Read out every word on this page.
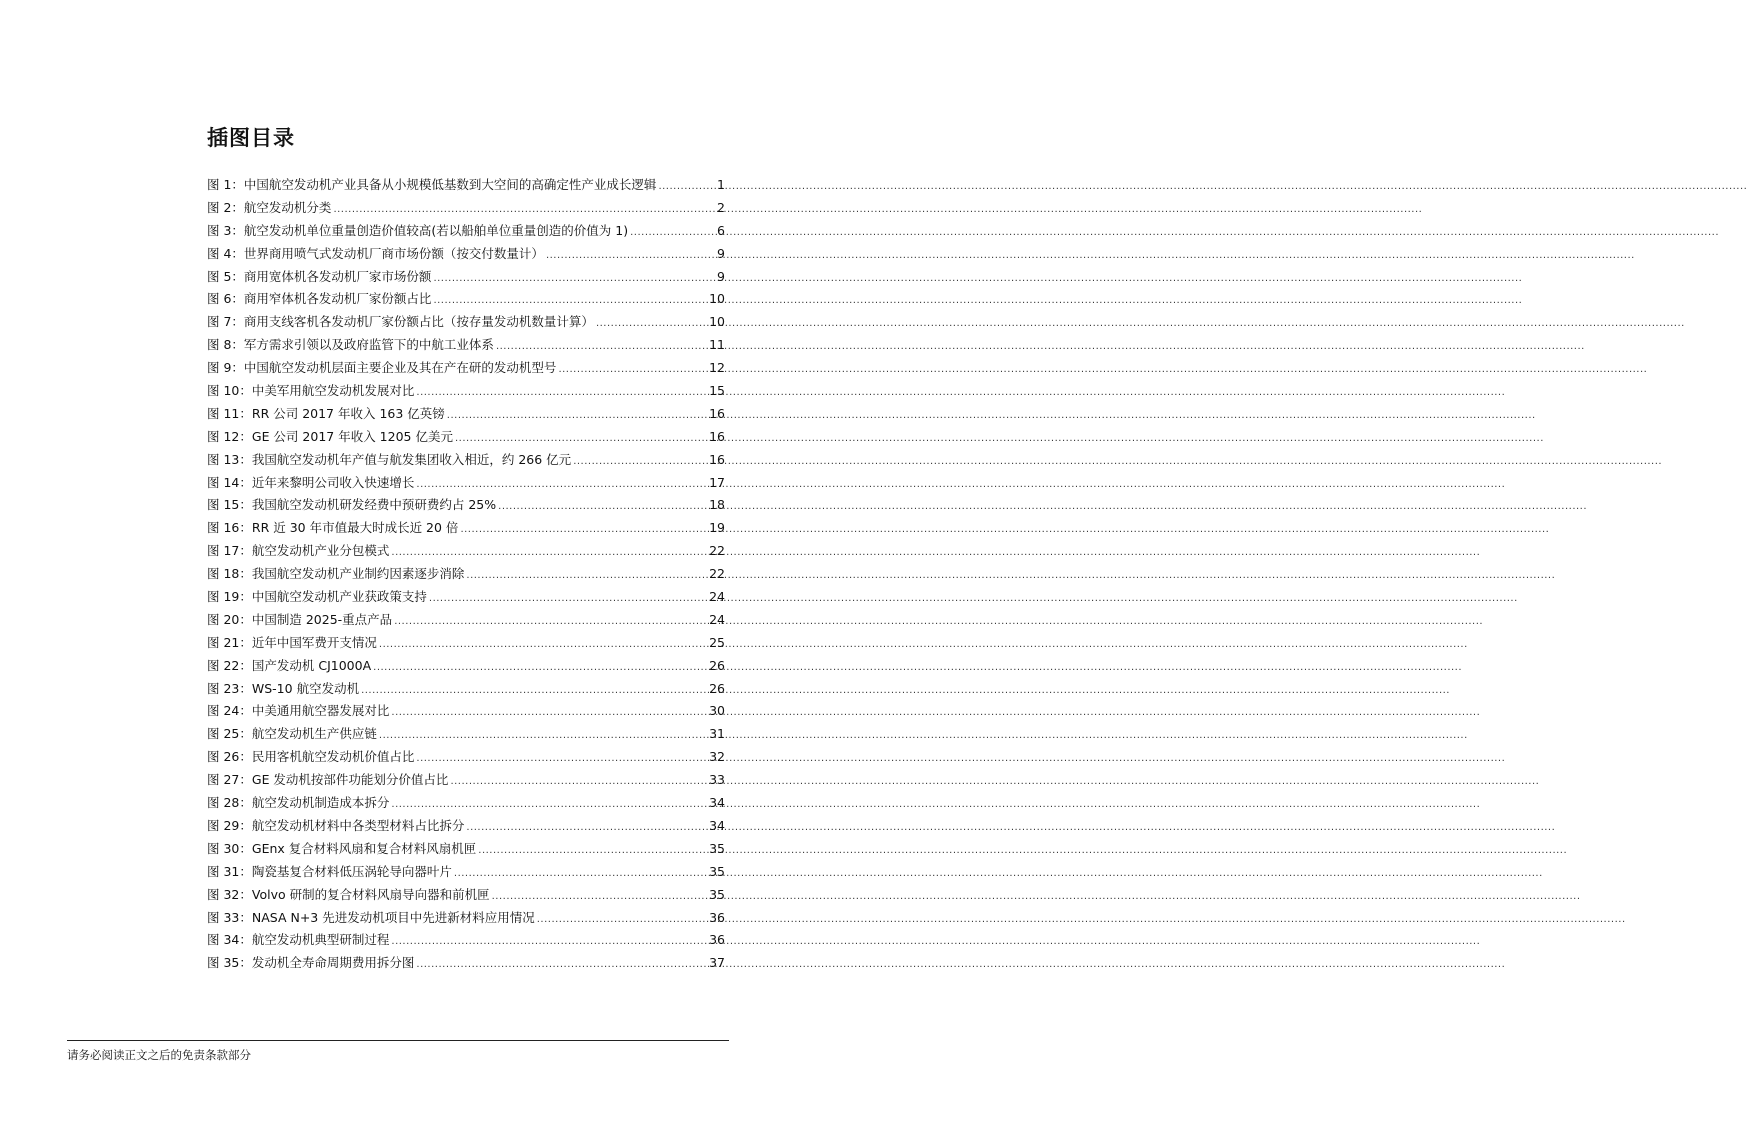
插图目录
图 1：中国航空发动机产业具备从小规模低基数到大空间的高确定性产业成长逻辑 .....	1
图 2：航空发动机分类 .....	2
图 3：航空发动机单位重量创造价值较高(若以船舶单位重量创造的价值为 1) .....	6
图 4：世界商用喷气式发动机厂商市场份额（按交付数量计） .....	9
图 5：商用宽体机各发动机厂家市场份额 .....	9
图 6：商用窄体机各发动机厂家份额占比 .....	10
图 7：商用支线客机各发动机厂家份额占比（按存量发动机数量计算） .....	10
图 8：军方需求引领以及政府监管下的中航工业体系 .....	11
图 9：中国航空发动机层面主要企业及其在产在研的发动机型号 .....	12
图 10：中美军用航空发动机发展对比 .....	15
图 11：RR 公司 2017 年收入 163 亿英镑 .....	16
图 12：GE 公司 2017 年收入 1205 亿美元 .....	16
图 13：我国航空发动机年产值与航发集团收入相近，约 266 亿元 .....	16
图 14：近年来黎明公司收入快速增长 .....	17
图 15：我国航空发动机研发经费中预研费约占 25% .....	18
图 16：RR 近 30 年市值最大时成长近 20 倍 .....	19
图 17：航空发动机产业分包模式 .....	22
图 18：我国航空发动机产业制约因素逐步消除 .....	22
图 19：中国航空发动机产业获政策支持 .....	24
图 20：中国制造 2025-重点产品 .....	24
图 21：近年中国军费开支情况 .....	25
图 22：国产发动机 CJ1000A .....	26
图 23：WS-10 航空发动机 .....	26
图 24：中美通用航空器发展对比 .....	30
图 25：航空发动机生产供应链 .....	31
图 26：民用客机航空发动机价值占比 .....	32
图 27：GE 发动机按部件功能划分价值占比 .....	33
图 28：航空发动机制造成本拆分 .....	34
图 29：航空发动机材料中各类型材料占比拆分 .....	34
图 30：GEnx 复合材料风扇和复合材料风扇机匣 .....	35
图 31：陶瓷基复合材料低压涡轮导向器叶片 .....	35
图 32：Volvo 研制的复合材料风扇导向器和前机匣 .....	35
图 33：NASA N+3 先进发动机项目中先进新材料应用情况 .....	36
图 34：航空发动机典型研制过程 .....	36
图 35：发动机全寿命周期费用拆分图 .....	37
请务必阅读正文之后的免责条款部分
